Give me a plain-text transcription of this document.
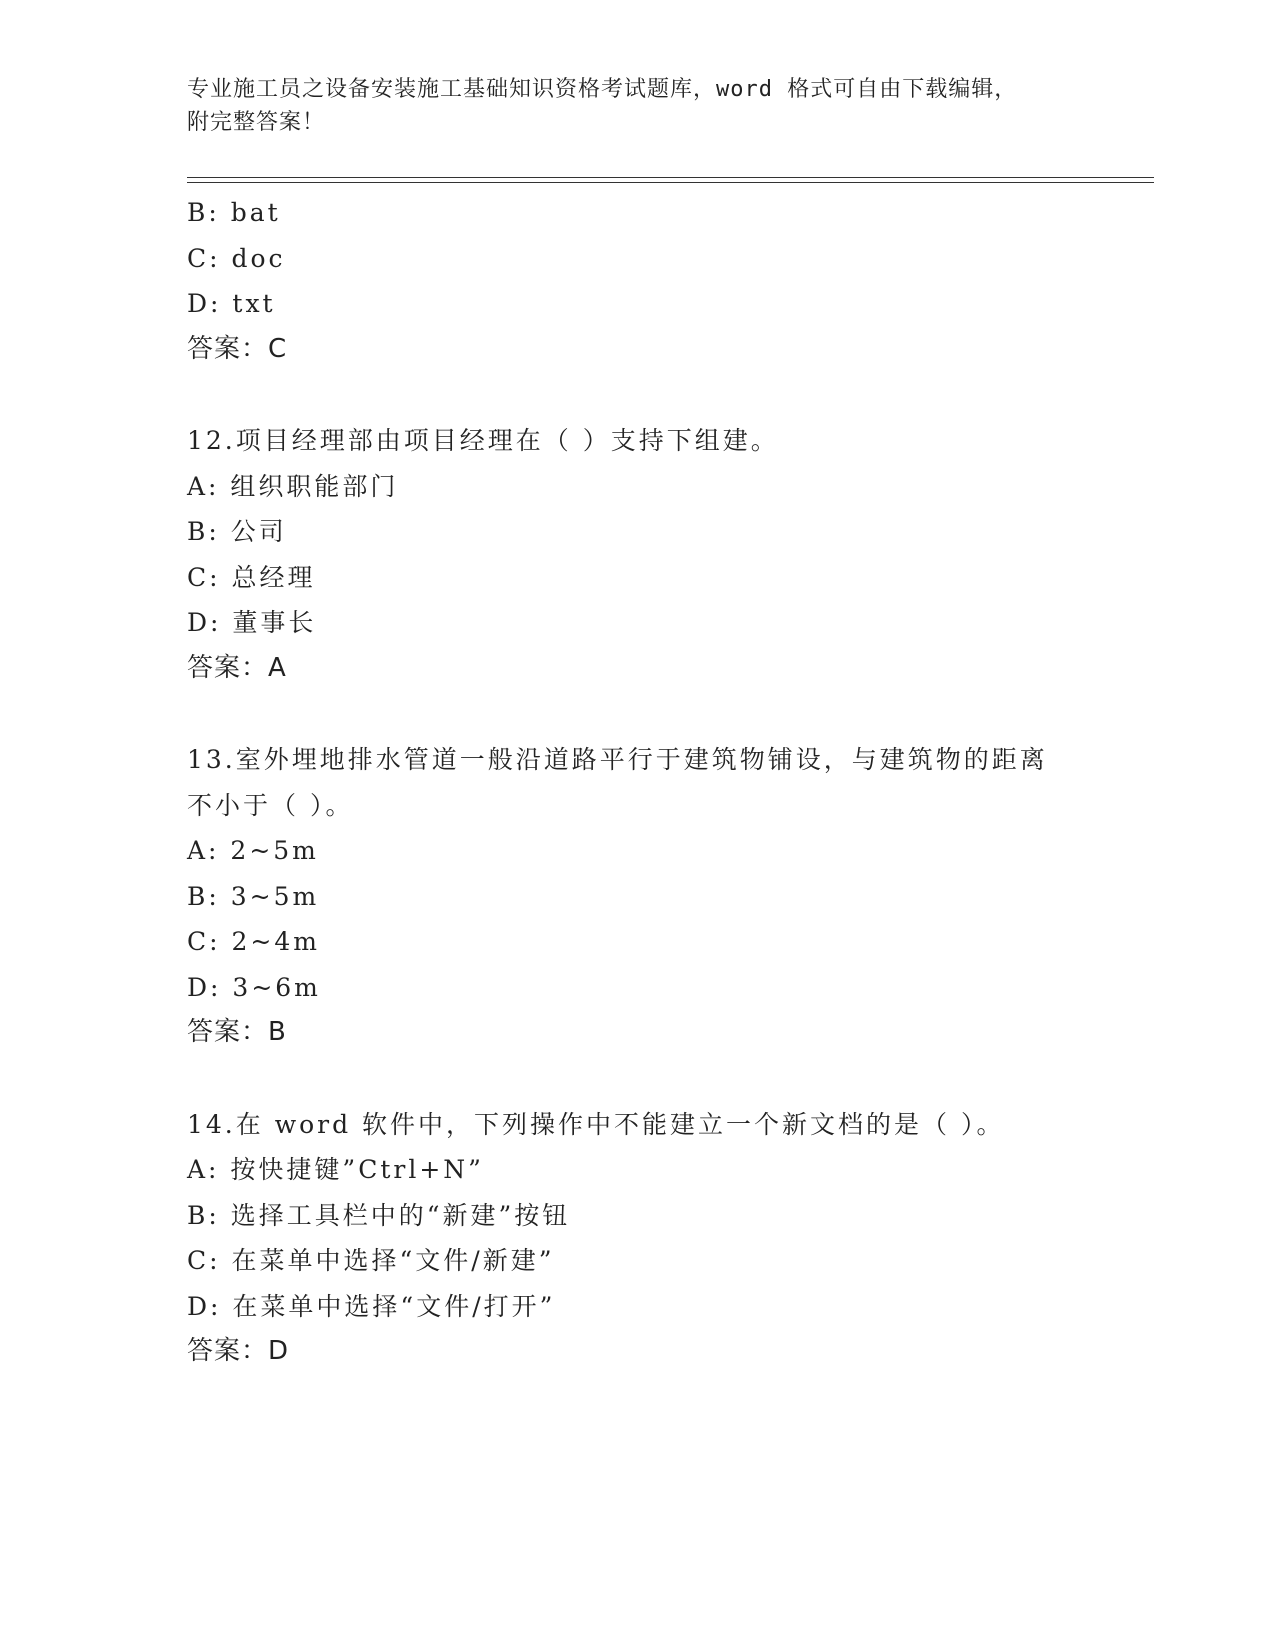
专业施工员之设备安装施工基础知识资格考试题库，word 格式可自由下载编辑，
附完整答案！
B: bat
C: doc
D: txt
答案：C
12.项目经理部由项目经理在（ ）支持下组建。
A: 组织职能部门
B: 公司
C: 总经理
D: 董事长
答案：A
13.室外埋地排水管道一般沿道路平行于建筑物铺设，与建筑物的距离
不小于（ ）。
A: 2~5m
B: 3~5m
C: 2~4m
D: 3~6m
答案：B
14.在 word 软件中，下列操作中不能建立一个新文档的是（ ）。
A: 按快捷键”Ctrl+N”
B: 选择工具栏中的“新建”按钮
C: 在菜单中选择“文件/新建”
D: 在菜单中选择“文件/打开”
答案：D
